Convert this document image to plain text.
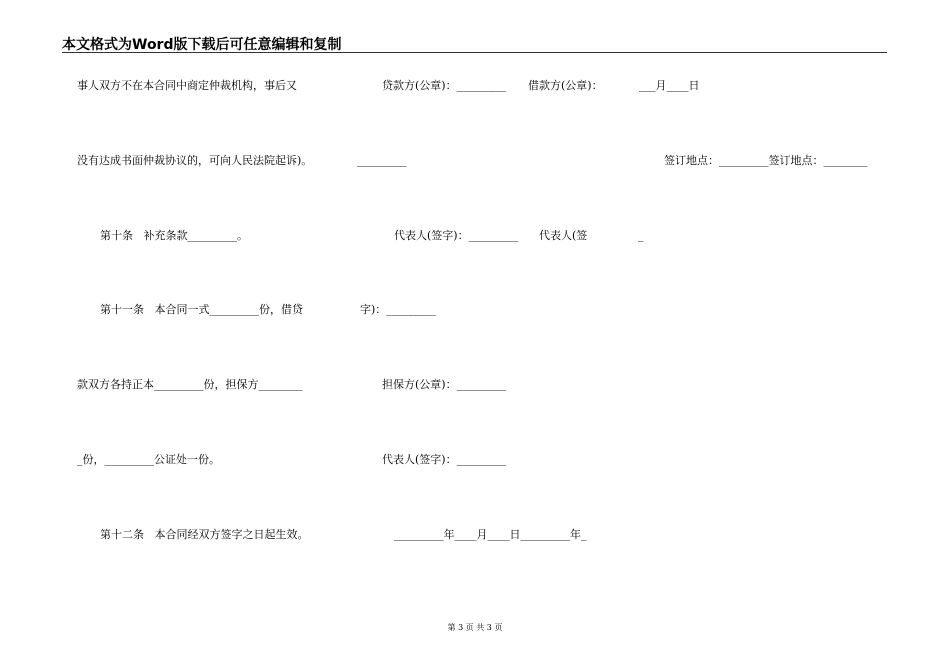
本文格式为Word版下载后可任意编辑和复制
事人双方不在本合同中商定仲裁机构，事后又
没有达成书面仲裁协议的，可向人民法院起诉)。
第十条   补充条款_________。
第十一条   本合同一式_________份，借贷
款双方各持正本_________份，担保方________
_份，_________公证处一份。
第十二条   本合同经双方签字之日起生效。
贷款方(公章)：_________ 借款方(公章)：	___月____日
_________	签订地点：_________签订地点：________
代表人(签字)：_________ 代表人(签	_
字)：_________
担保方(公章)：_________
代表人(签字)：_________
_________年____月____日_________年_
第 3 页 共 3 页
